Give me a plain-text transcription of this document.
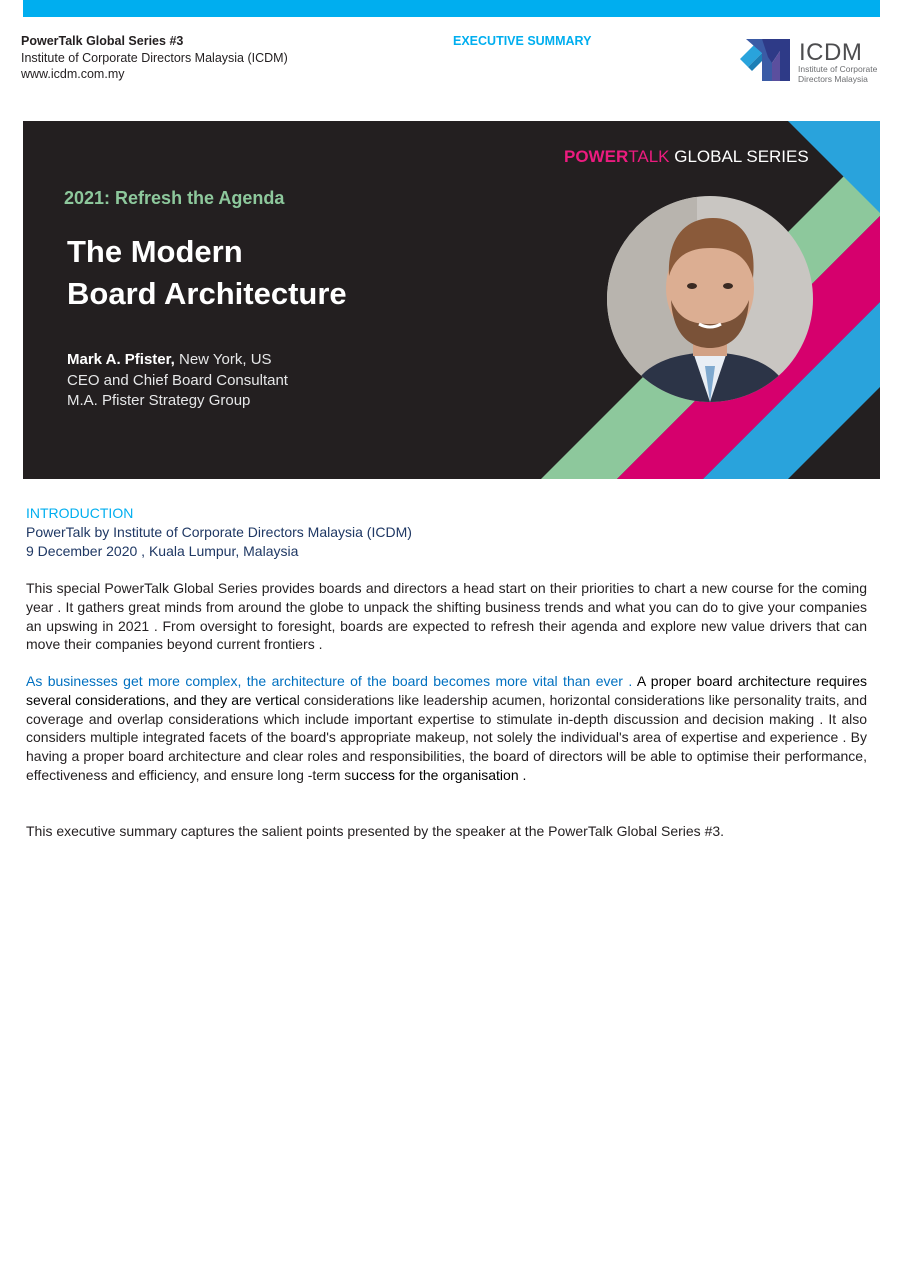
PowerTalk Global Series #3
Institute of Corporate Directors Malaysia (ICDM)
www.icdm.com.my
EXECUTIVE SUMMARY	ICDM
Institute of Corporate
Directors Malaysia
POWERTALK GLOBAL SERIES
2021: Refresh the Agenda
The Modern
Board Architecture
Mark A. Pfister, New York, US
CEO and Chief Board Consultant
M.A. Pfister Strategy Group
INTRODUCTION
PowerTalk by Institute of Corporate Directors Malaysia (ICDM)
9 December 2020 , Kuala Lumpur, Malaysia
This special PowerTalk Global Series provides boards and directors a head start on their priorities to chart a new course for the coming year . It gathers great minds from around the globe to unpack the shifting business trends and what you can do to give your companies an upswing in 2021 . From oversight to foresight, boards are expected to refresh their agenda and explore new value drivers that can move their companies beyond current frontiers .
As businesses get more complex, the architecture of the board becomes more vital than ever . A proper board architecture requires several considerations, and they are vertical considerations like leadership acumen, horizontal considerations like personality traits, and coverage and overlap considerations which include important expertise to stimulate in-depth discussion and decision making . It also considers multiple integrated facets of the board's appropriate makeup, not solely the individual's area of expertise and experience . By having a proper board architecture and clear roles and responsibilities, the board of directors will be able to optimise their performance, effectiveness and efficiency, and ensure long -term success for the organisation .
This executive summary captures the salient points presented by the speaker at the PowerTalk Global Series #3.
